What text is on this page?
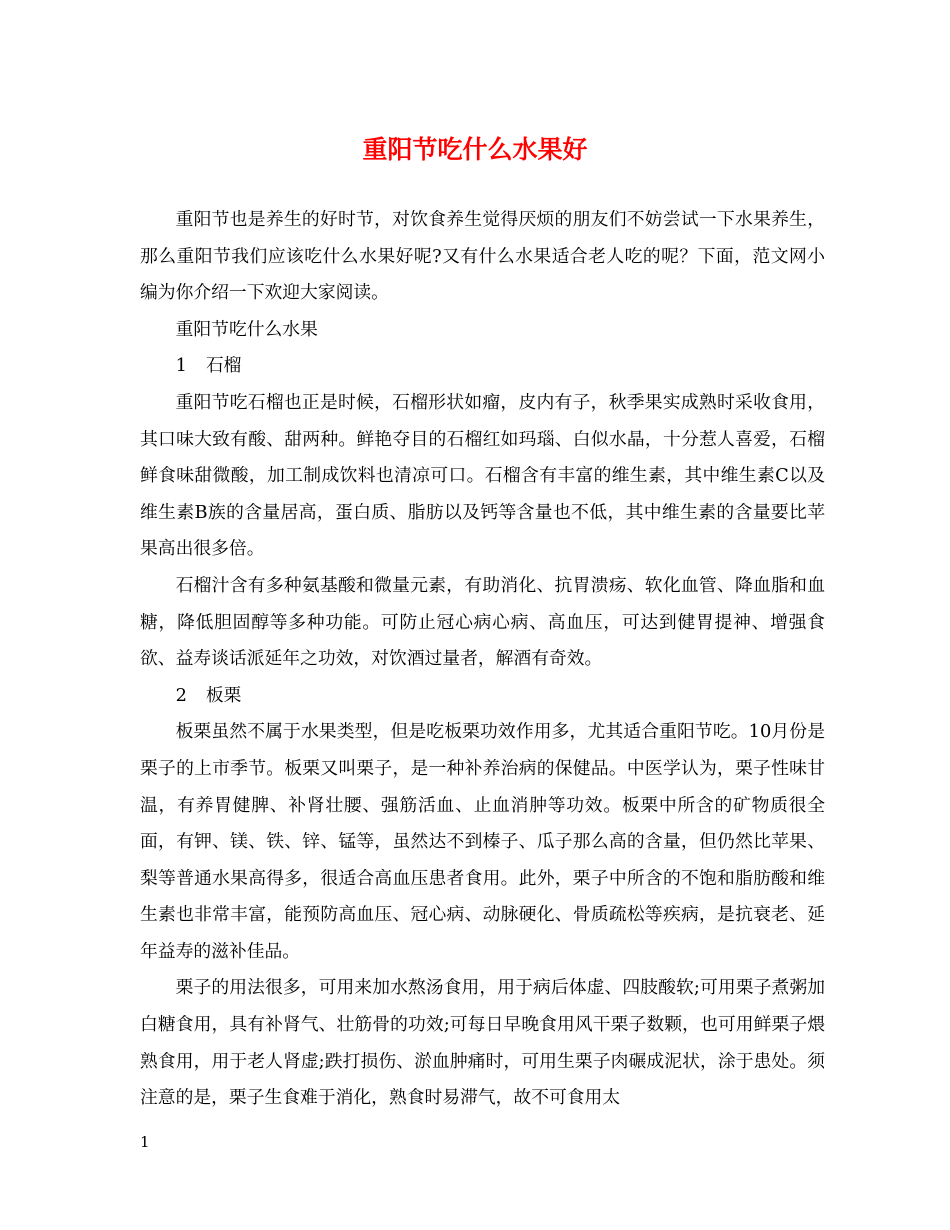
重阳节吃什么水果好

重阳节也是养生的好时节，对饮食养生觉得厌烦的朋友们不妨尝试一下水果养生，那么重阳节我们应该吃什么水果好呢?又有什么水果适合老人吃的呢？下面，范文网小编为你介绍一下欢迎大家阅读。

重阳节吃什么水果

1 石榴

重阳节吃石榴也正是时候，石榴形状如瘤，皮内有子，秋季果实成熟时采收食用，其口味大致有酸、甜两种。鲜艳夺目的石榴红如玛瑙、白似水晶，十分惹人喜爱，石榴鲜食味甜微酸，加工制成饮料也清凉可口。石榴含有丰富的维生素，其中维生素C以及维生素B族的含量居高，蛋白质、脂肪以及钙等含量也不低，其中维生素的含量要比苹果高出很多倍。

石榴汁含有多种氨基酸和微量元素，有助消化、抗胃溃疡、软化血管、降血脂和血糖，降低胆固醇等多种功能。可防止冠心病心病、高血压，可达到健胃提神、增强食欲、益寿谈话派延年之功效，对饮酒过量者，解酒有奇效。

2 板栗

板栗虽然不属于水果类型，但是吃板栗功效作用多，尤其适合重阳节吃。10月份是栗子的上市季节。板栗又叫栗子，是一种补养治病的保健品。中医学认为，栗子性味甘温，有养胃健脾、补肾壮腰、强筋活血、止血消肿等功效。板栗中所含的矿物质很全面，有钾、镁、铁、锌、锰等，虽然达不到榛子、瓜子那么高的含量，但仍然比苹果、梨等普通水果高得多，很适合高血压患者食用。此外，栗子中所含的不饱和脂肪酸和维生素也非常丰富，能预防高血压、冠心病、动脉硬化、骨质疏松等疾病，是抗衰老、延年益寿的滋补佳品。

栗子的用法很多，可用来加水熬汤食用，用于病后体虚、四肢酸软;可用栗子煮粥加白糖食用，具有补肾气、壮筋骨的功效;可每日早晚食用风干栗子数颗，也可用鲜栗子煨熟食用，用于老人肾虚;跌打损伤、淤血肿痛时，可用生栗子肉碾成泥状，涂于患处。须注意的是，栗子生食难于消化，熟食时易滞气，故不可食用太

1
